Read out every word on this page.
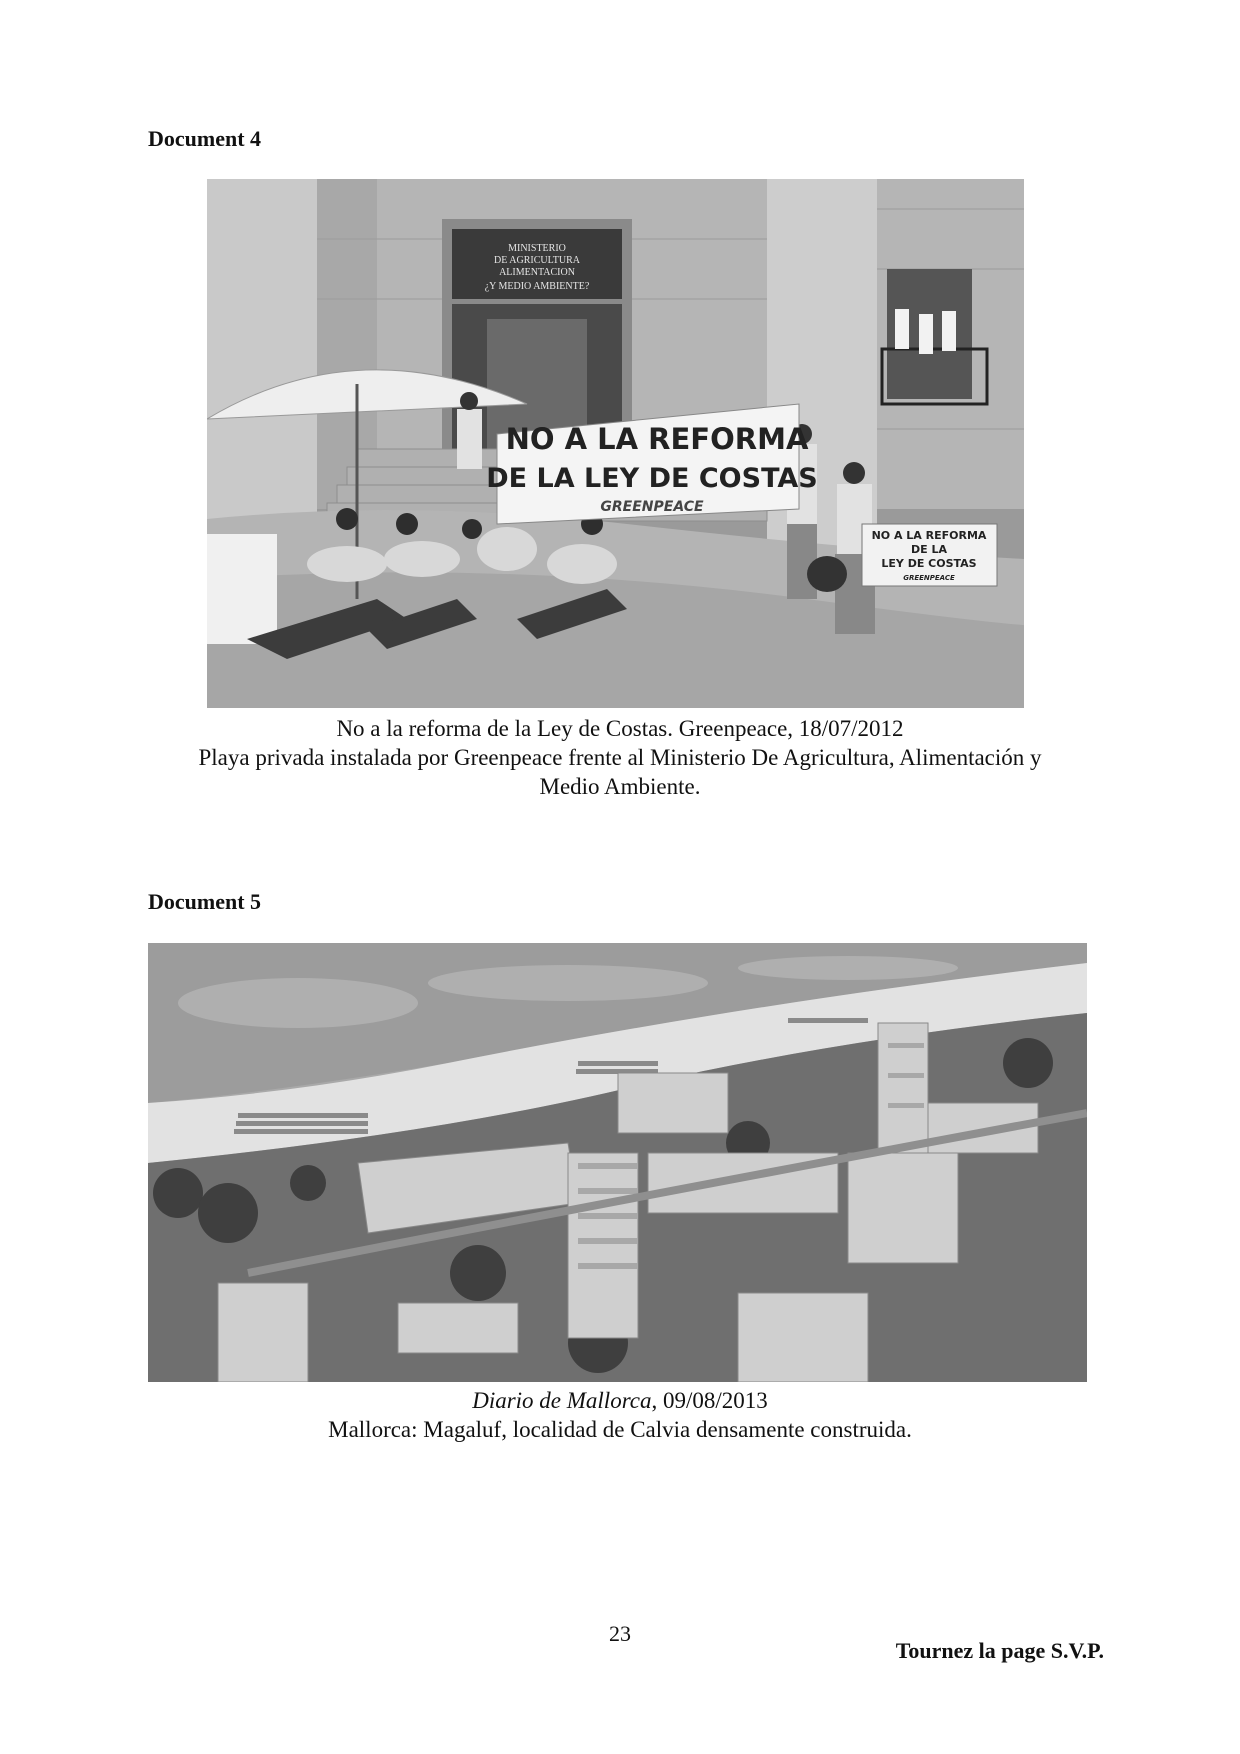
Document 4
MINISTERIO
DE AGRICULTURA
ALIMENTACION
¿Y MEDIO AMBIENTE?
NO A LA REFORMA
DE LA LEY DE COSTAS
GREENPEACE
NO A LA REFORMA
DE LA
LEY DE COSTAS
GREENPEACE
No a la reforma de la Ley de Costas. Greenpeace, 18/07/2012
Playa privada instalada por Greenpeace frente al Ministerio De Agricultura, Alimentación y
Medio Ambiente.
Document 5
Diario de Mallorca, 09/08/2013
Mallorca: Magaluf, localidad de Calvia densamente construida.
23
Tournez la page S.V.P.
